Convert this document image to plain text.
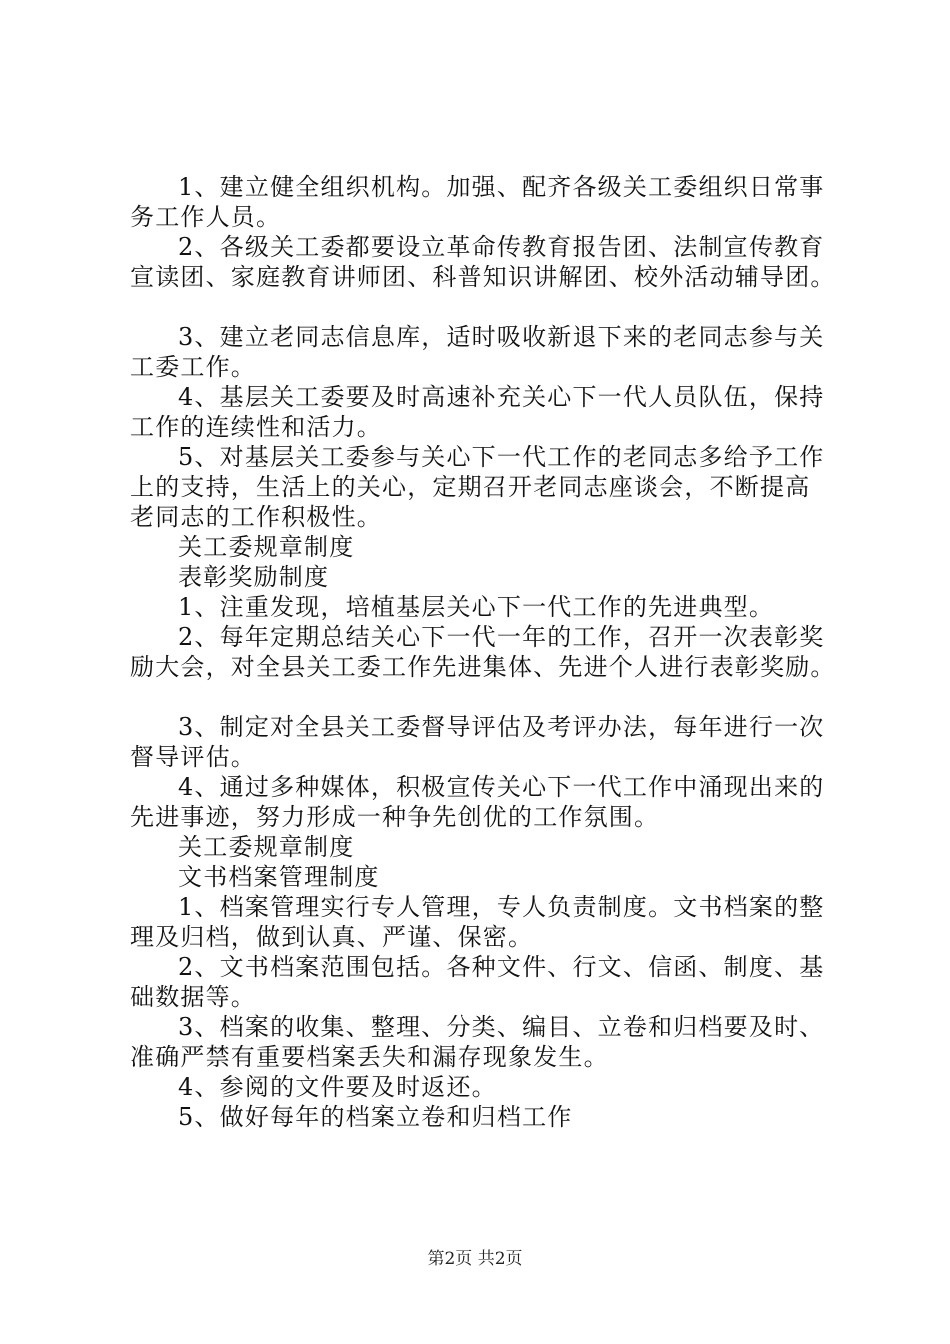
1、建立健全组织机构。加强、配齐各级关工委组织日常事
务工作人员。
2、各级关工委都要设立革命传教育报告团、法制宣传教育
宣读团、家庭教育讲师团、科普知识讲解团、校外活动辅导团。
3、建立老同志信息库，适时吸收新退下来的老同志参与关
工委工作。
4、基层关工委要及时高速补充关心下一代人员队伍，保持
工作的连续性和活力。
5、对基层关工委参与关心下一代工作的老同志多给予工作
上的支持，生活上的关心，定期召开老同志座谈会，不断提高
老同志的工作积极性。
关工委规章制度
表彰奖励制度
1、注重发现，培植基层关心下一代工作的先进典型。
2、每年定期总结关心下一代一年的工作，召开一次表彰奖
励大会，对全县关工委工作先进集体、先进个人进行表彰奖励。
3、制定对全县关工委督导评估及考评办法，每年进行一次
督导评估。
4、通过多种媒体，积极宣传关心下一代工作中涌现出来的
先进事迹，努力形成一种争先创优的工作氛围。
关工委规章制度
文书档案管理制度
1、档案管理实行专人管理，专人负责制度。文书档案的整
理及归档，做到认真、严谨、保密。
2、文书档案范围包括。各种文件、行文、信函、制度、基
础数据等。
3、档案的收集、整理、分类、编目、立卷和归档要及时、
准确严禁有重要档案丢失和漏存现象发生。
4、参阅的文件要及时返还。
5、做好每年的档案立卷和归档工作
第2页 共2页
